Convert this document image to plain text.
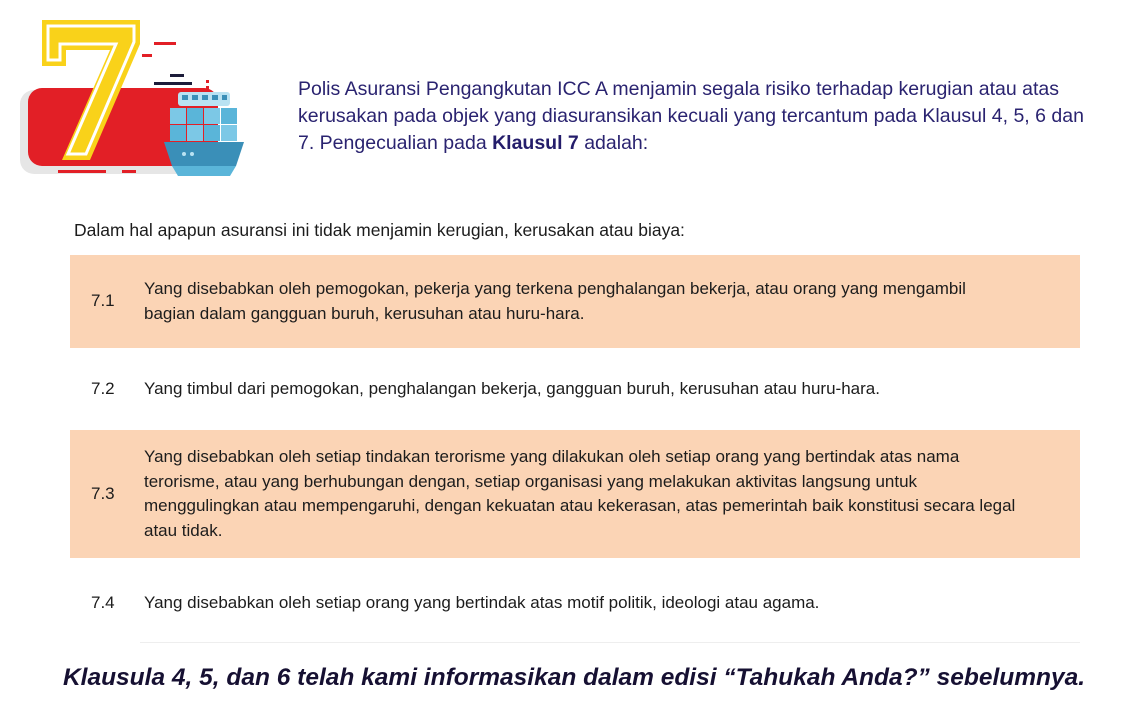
Polis Asuransi Pengangkutan ICC A menjamin segala risiko terhadap kerugian atau atas kerusakan pada objek yang diasuransikan kecuali yang tercantum pada Klausul 4, 5, 6 dan 7. Pengecualian pada Klausul 7 adalah:

Dalam hal apapun asuransi ini tidak menjamin kerugian, kerusakan atau biaya:

7.1
Yang disebabkan oleh pemogokan, pekerja yang terkena penghalangan bekerja, atau orang yang mengambil bagian dalam gangguan buruh, kerusuhan atau huru-hara.
7.2	Yang timbul dari pemogokan, penghalangan bekerja, gangguan buruh, kerusuhan atau huru-hara.
7.3
Yang disebabkan oleh setiap tindakan terorisme yang dilakukan oleh setiap orang yang bertindak atas nama terorisme, atau yang berhubungan dengan, setiap organisasi yang melakukan aktivitas langsung untuk menggulingkan atau mempengaruhi, dengan kekuatan atau kekerasan, atas pemerintah baik konstitusi secara legal atau tidak.
7.4	Yang disebabkan oleh setiap orang yang bertindak atas motif politik, ideologi atau agama.

Klausula 4, 5, dan 6 telah kami informasikan dalam edisi “Tahukah Anda?” sebelumnya.
